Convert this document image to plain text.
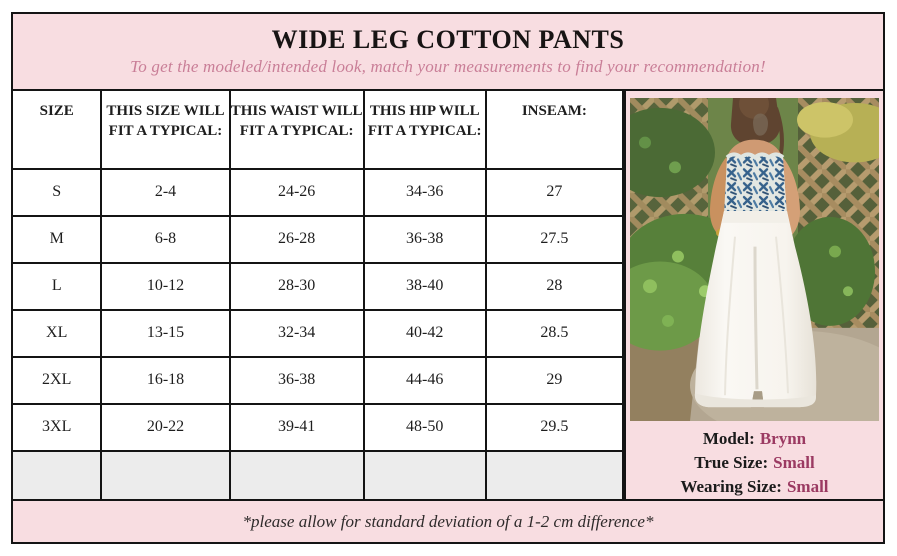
WIDE LEG COTTON PANTS
To get the modeled/intended look, match your measurements to find your recommendation!
SIZE	THIS SIZE WILL FIT A TYPICAL:	THIS WAIST WILL FIT A TYPICAL:	THIS HIP WILL FIT A TYPICAL:	INSEAM:
S	2-4	24-26	34-36	27
M	6-8	26-28	36-38	27.5
L	10-12	28-30	38-40	28
XL	13-15	32-34	40-42	28.5
2XL	16-18	36-38	44-46	29
3XL	20-22	39-41	48-50	29.5

Model: Brynn
True Size: Small
Wearing Size: Small
*please allow for standard deviation of a 1-2 cm difference*
